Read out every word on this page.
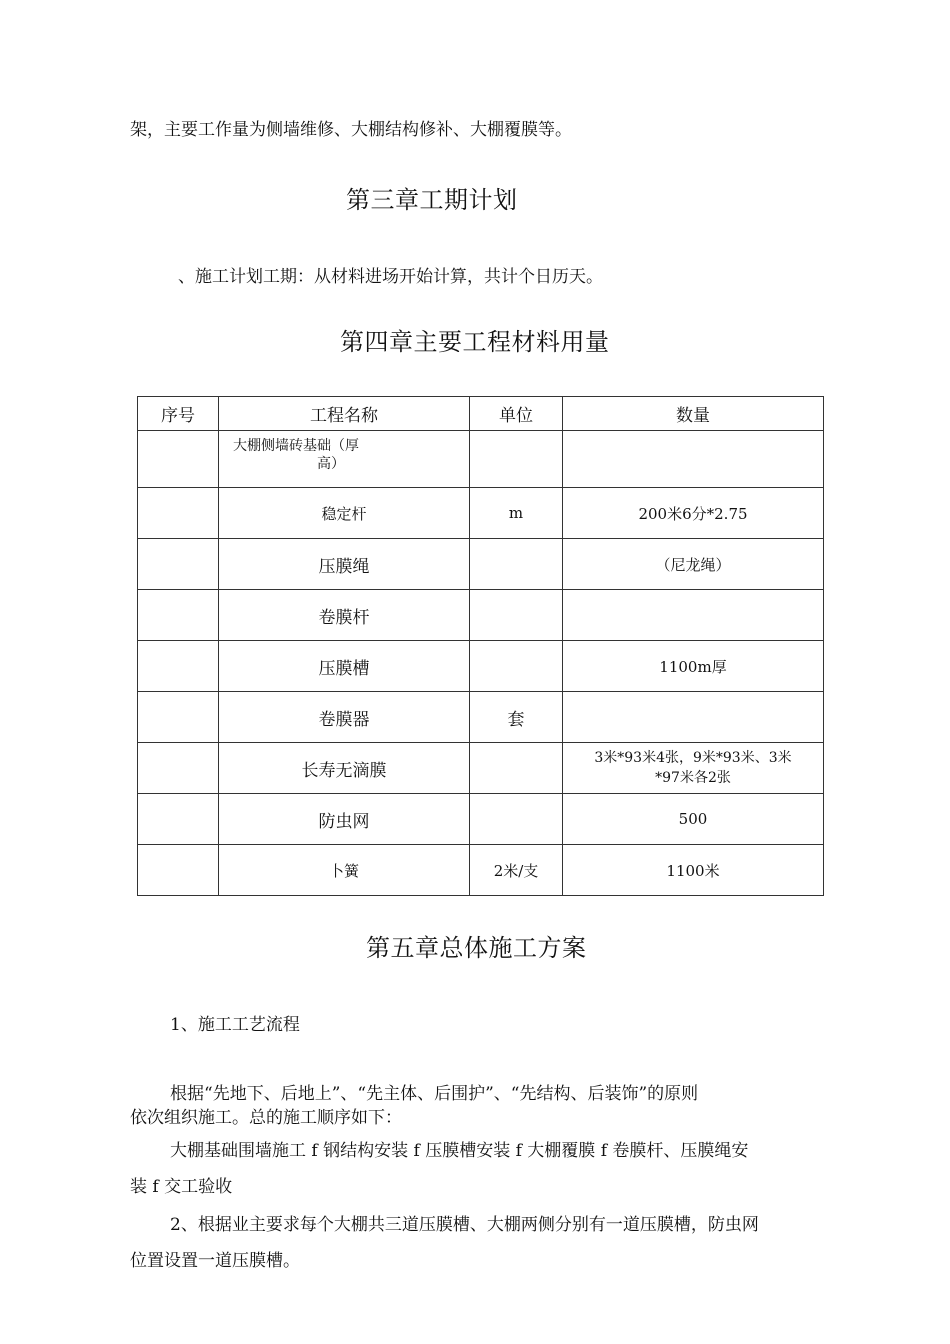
架，主要工作量为侧墙维修、大棚结构修补、大棚覆膜等。
第三章工期计划
、施工计划工期：从材料进场开始计算，共计个日历天。
第四章主要工程材料用量
序号	工程名称	单位	数量

	大棚侧墙砖基础（厚
高）		

	稳定杆	m	200米6分*2.75
	压膜绳		（尼龙绳）
	卷膜杆		
	压膜槽		1100m厚
	卷膜器	套	
	长寿无滴膜		3米*93米4张，9米*93米、3米
*97米各2张

	防虫网		500
	卜簧	2米/支	1100米
第五章总体施工方案
1、施工工艺流程
根据“先地下、后地上”、“先主体、后围护”、“先结构、后装饰”的原则
依次组织施工。总的施工顺序如下：
大棚基础围墙施工 f 钢结构安装 f 压膜槽安装 f 大棚覆膜 f 卷膜杆、压膜绳安
装 f 交工验收
2、根据业主要求每个大棚共三道压膜槽、大棚两侧分别有一道压膜槽，防虫网
位置设置一道压膜槽。
